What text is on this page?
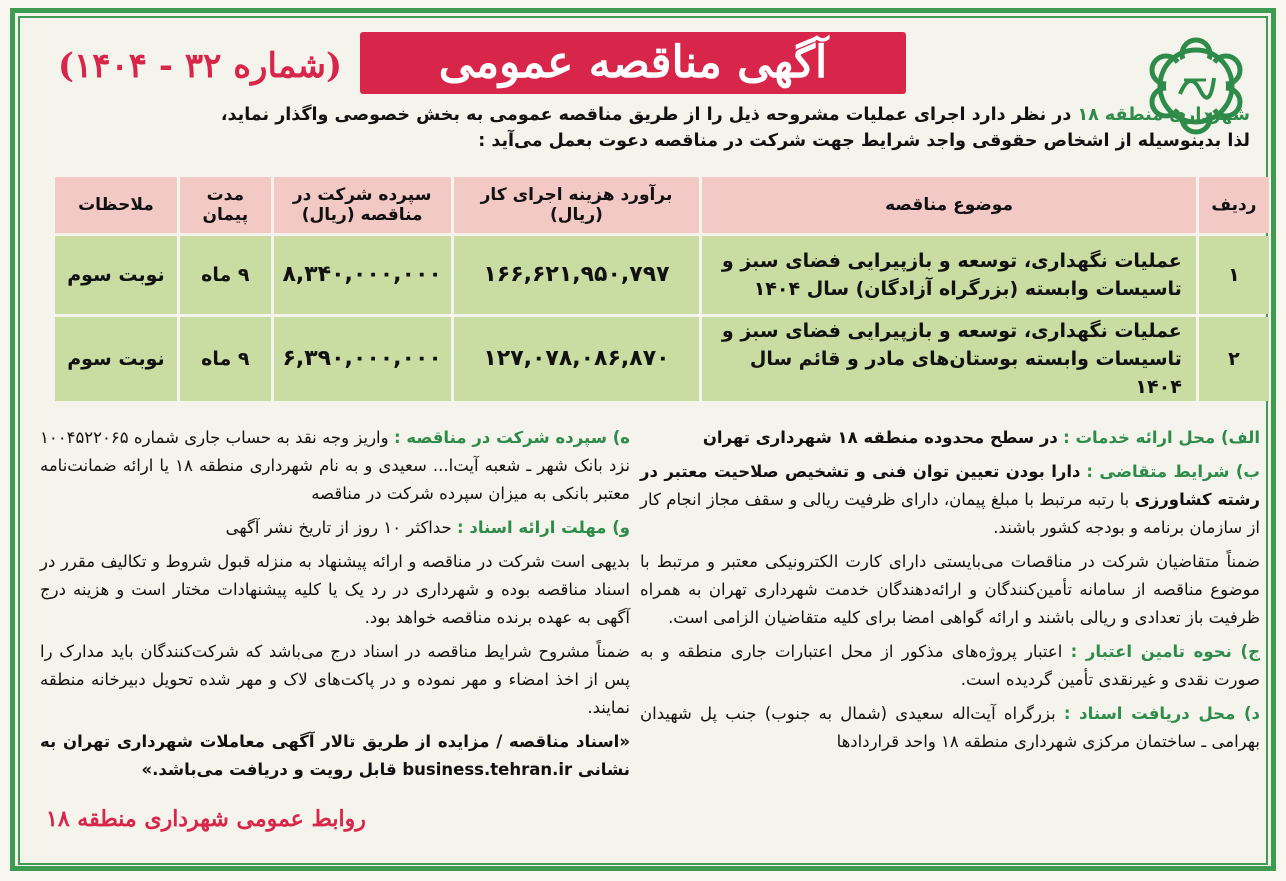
آگهی مناقصه عمومی
(شماره ۳۲ - ۱۴۰۴)
شهرداری منطقه ۱۸ در نظر دارد اجرای عملیات مشروحه ذیل را از طریق مناقصه عمومی به بخش خصوصی واگذار نماید،
لذا بدینوسیله از اشخاص حقوقی واجد شرایط جهت شرکت در مناقصه دعوت بعمل می‌آید :
ردیف	موضوع مناقصه	برآورد هزینه اجرای کار (ریال)	سپرده شرکت در مناقصه (ریال)	مدت پیمان	ملاحظات
۱	عملیات نگهداری، توسعه و بازپیرایی فضای سبز و تاسیسات وابسته (بزرگراه آزادگان) سال ۱۴۰۴	۱۶۶,۶۲۱,۹۵۰,۷۹۷	۸,۳۴۰,۰۰۰,۰۰۰	۹ ماه	نوبت سوم
۲	عملیات نگهداری، توسعه و بازپیرایی فضای سبز و تاسیسات وابسته بوستان‌های مادر و قائم سال ۱۴۰۴	۱۲۷,۰۷۸,۰۸۶,۸۷۰	۶,۳۹۰,۰۰۰,۰۰۰	۹ ماه	نوبت سوم

الف) محل ارائه خدمات : در سطح محدوده منطقه ۱۸ شهرداری تهران

ب) شرایط متقاضی : دارا بودن تعیین توان فنی و تشخیص صلاحیت معتبر در رشته کشاورزی با رتبه مرتبط با مبلغ پیمان، دارای ظرفیت ریالی و سقف مجاز انجام کار از سازمان برنامه و بودجه کشور باشند.

ضمناً متقاضیان شرکت در مناقصات می‌بایستی دارای کارت الکترونیکی معتبر و مرتبط با موضوع مناقصه از سامانه تأمین‌کنندگان و ارائه‌دهندگان خدمت شهرداری تهران به همراه ظرفیت باز تعدادی و ریالی باشند و ارائه گواهی امضا برای کلیه متقاضیان الزامی است.

ج) نحوه تامین اعتبار : اعتبار پروژه‌های مذکور از محل اعتبارات جاری منطقه و به صورت نقدی و غیرنقدی تأمین گردیده است.

د) محل دریافت اسناد : بزرگراه آیت‌اله سعیدی (شمال به جنوب) جنب پل شهیدان بهرامی ـ ساختمان مرکزی شهرداری منطقه ۱۸ واحد قراردادها

ه) سپرده شرکت در مناقصه : واریز وجه نقد به حساب جاری شماره ۱۰۰۴۵۲۲۰۶۵ نزد بانک شهر ـ شعبه آیت‌ا... سعیدی و به نام شهرداری منطقه ۱۸ یا ارائه ضمانت‌نامه معتبر بانکی به میزان سپرده شرکت در مناقصه

و) مهلت ارائه اسناد : حداکثر ۱۰ روز از تاریخ نشر آگهی

بدیهی است شرکت در مناقصه و ارائه پیشنهاد به منزله قبول شروط و تکالیف مقرر در اسناد مناقصه بوده و شهرداری در رد یک یا کلیه پیشنهادات مختار است و هزینه درج آگهی به عهده برنده مناقصه خواهد بود.

ضمناً مشروح شرایط مناقصه در اسناد درج می‌باشد که شرکت‌کنندگان باید مدارک را پس از اخذ امضاء و مهر نموده و در پاکت‌های لاک و مهر شده تحویل دبیرخانه منطقه نمایند.

«اسناد مناقصه / مزایده از طریق تالار آگهی معاملات شهرداری تهران به نشانی business.tehran.ir قابل رویت و دریافت می‌باشد.»

روابط عمومی شهرداری منطقه ۱۸
